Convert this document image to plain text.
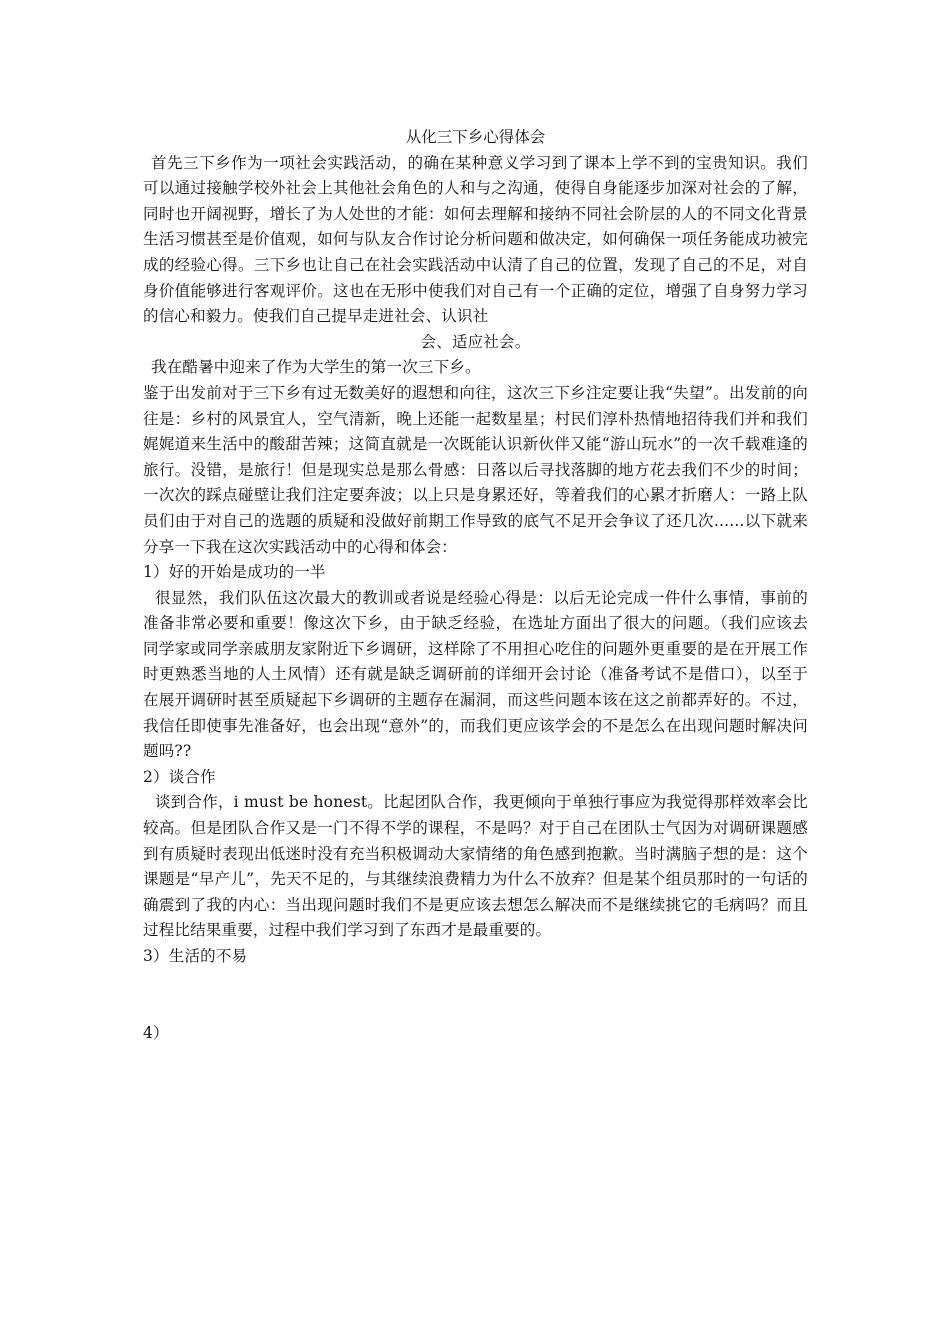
从化三下乡心得体会

首先三下乡作为一项社会实践活动，的确在某种意义学习到了课本上学不到的宝贵知识。我们可以通过接触学校外社会上其他社会角色的人和与之沟通，使得自身能逐步加深对社会的了解，同时也开阔视野，增长了为人处世的才能：如何去理解和接纳不同社会阶层的人的不同文化背景生活习惯甚至是价值观，如何与队友合作讨论分析问题和做决定，如何确保一项任务能成功被完成的经验心得。三下乡也让自己在社会实践活动中认清了自己的位置，发现了自己的不足，对自身价值能够进行客观评价。这也在无形中使我们对自己有一个正确的定位，增强了自身努力学习的信心和毅力。使我们自己提早走进社会、认识社

会、适应社会。

我在酷暑中迎来了作为大学生的第一次三下乡。

鉴于出发前对于三下乡有过无数美好的遐想和向往，这次三下乡注定要让我“失望”。出发前的向往是：乡村的风景宜人，空气清新，晚上还能一起数星星；村民们淳朴热情地招待我们并和我们娓娓道来生活中的酸甜苦辣；这简直就是一次既能认识新伙伴又能“游山玩水”的一次千载难逢的旅行。没错，是旅行！但是现实总是那么骨感：日落以后寻找落脚的地方花去我们不少的时间；一次次的踩点碰壁让我们注定要奔波；以上只是身累还好，等着我们的心累才折磨人：一路上队员们由于对自己的选题的质疑和没做好前期工作导致的底气不足开会争议了还几次......以下就来分享一下我在这次实践活动中的心得和体会：

1）好的开始是成功的一半

很显然，我们队伍这次最大的教训或者说是经验心得是：以后无论完成一件什么事情，事前的准备非常必要和重要！像这次下乡，由于缺乏经验，在选址方面出了很大的问题。（我们应该去同学家或同学亲戚朋友家附近下乡调研，这样除了不用担心吃住的问题外更重要的是在开展工作时更熟悉当地的人土风情）还有就是缺乏调研前的详细开会讨论（准备考试不是借口），以至于在展开调研时甚至质疑起下乡调研的主题存在漏洞，而这些问题本该在这之前都弄好的。不过，我信任即使事先准备好，也会出现“意外”的，而我们更应该学会的不是怎么在出现问题时解决问题吗??

2）谈合作

谈到合作，i must be honest。比起团队合作，我更倾向于单独行事应为我觉得那样效率会比较高。但是团队合作又是一门不得不学的课程，不是吗？对于自己在团队士气因为对调研课题感到有质疑时表现出低迷时没有充当积极调动大家情绪的角色感到抱歉。当时满脑子想的是：这个课题是“早产儿”，先天不足的，与其继续浪费精力为什么不放弃？但是某个组员那时的一句话的确震到了我的内心：当出现问题时我们不是更应该去想怎么解决而不是继续挑它的毛病吗？而且过程比结果重要，过程中我们学习到了东西才是最重要的。

3）生活的不易

4）
